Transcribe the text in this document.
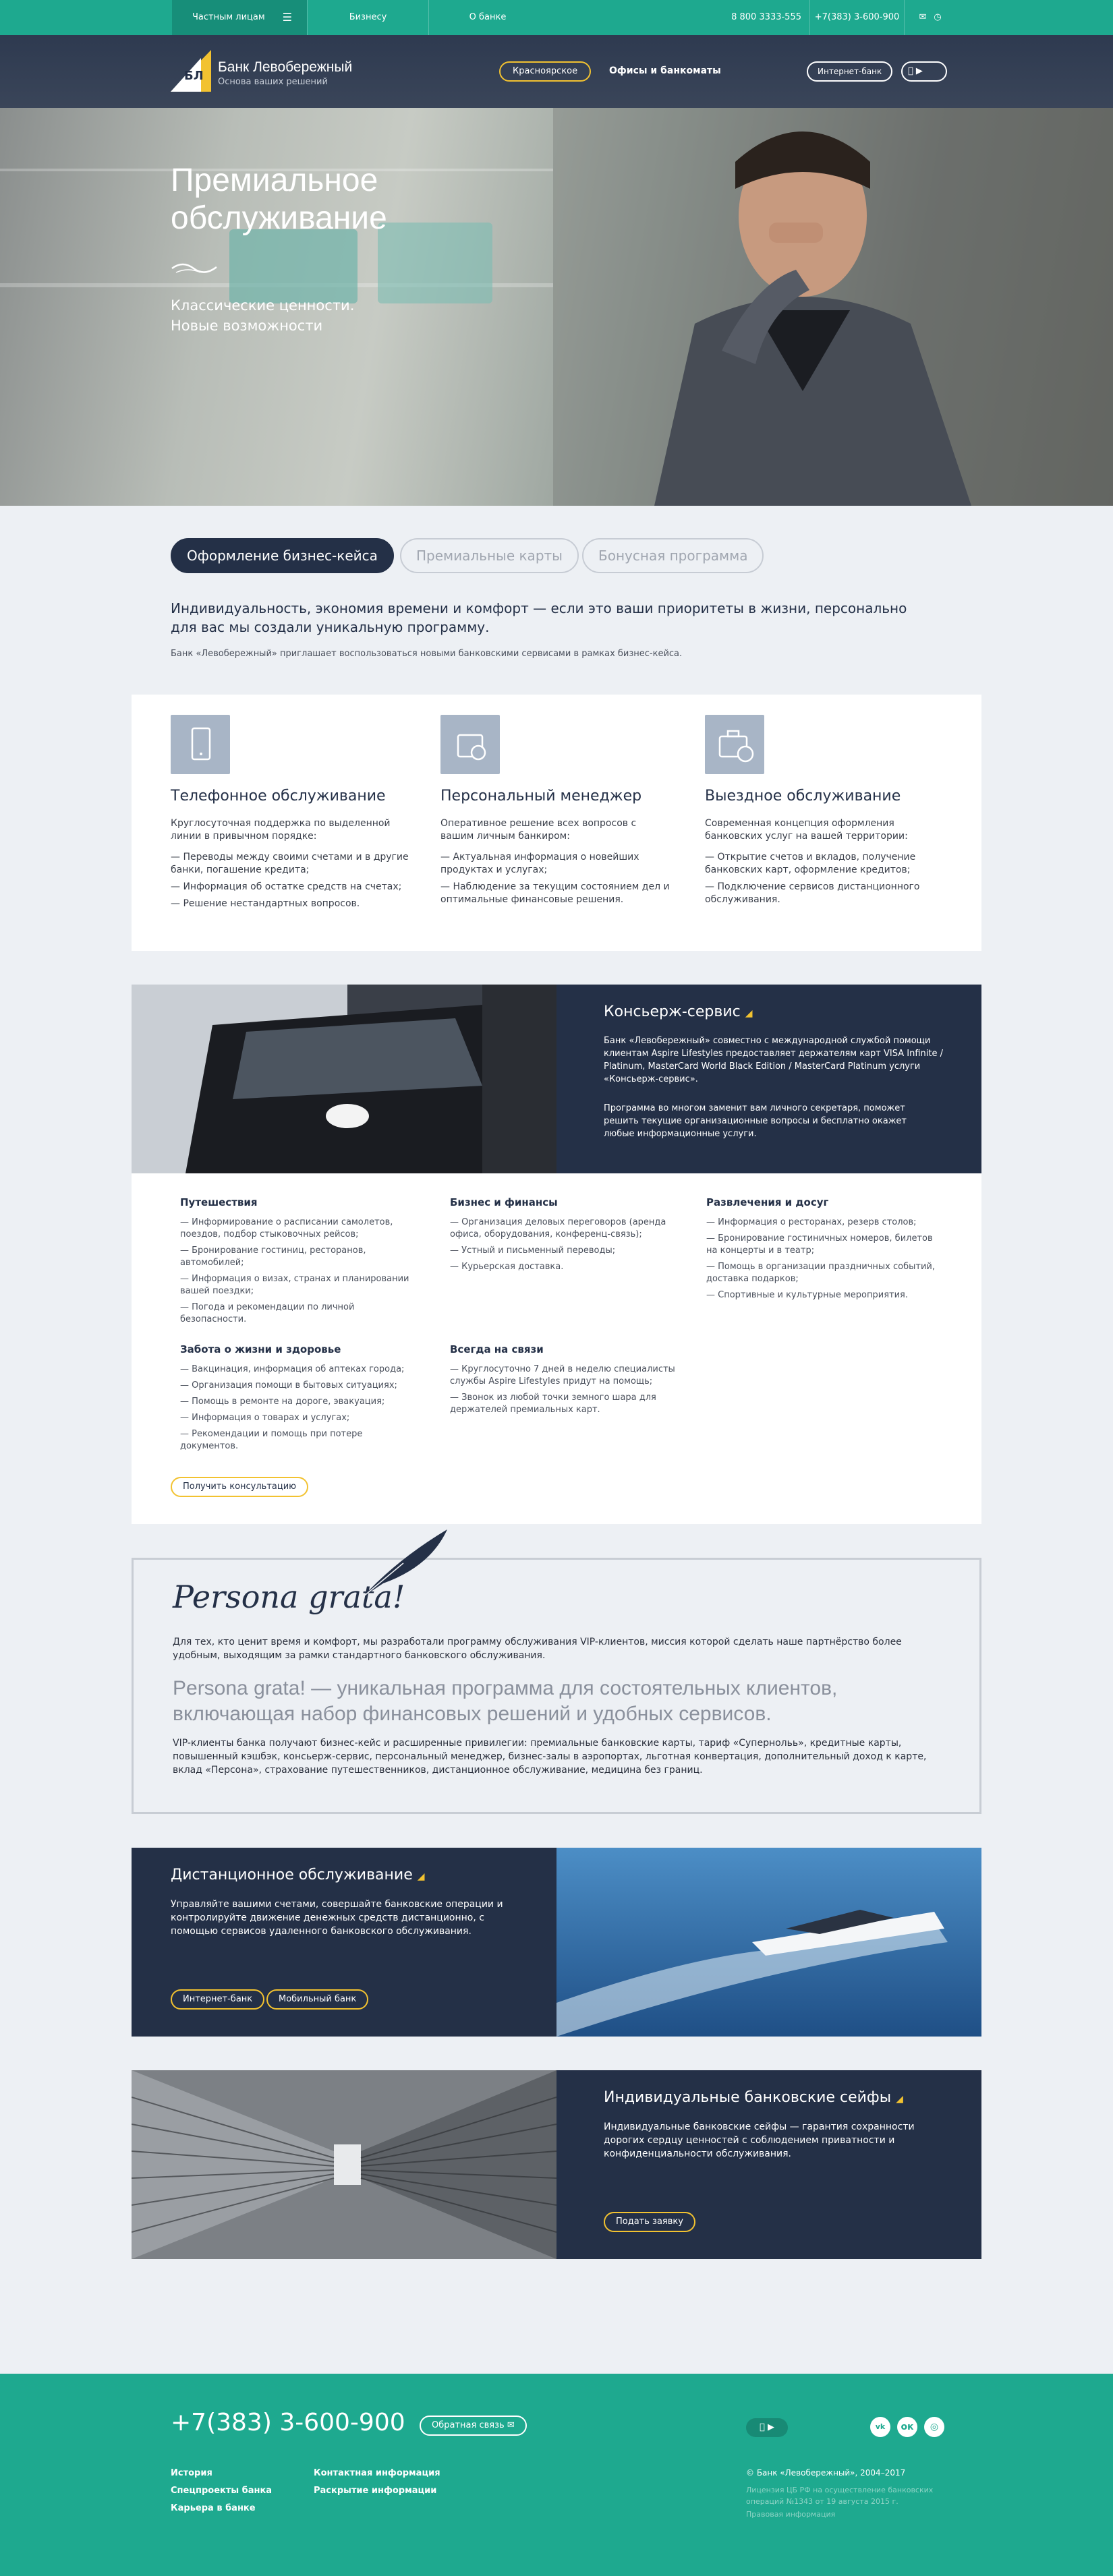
Частным лицам ☰	Бизнесу	О банке	8 800 3333-555	+7(383) 3-600-900	✉ ◷
БЛ
Банк Левобережный
Основа ваших решений
Красноярское	Офисы и банкоматы	Интернет-банк	▶
Премиальное
обслуживание
Классические ценности.
Новые возможности
Оформление бизнес-кейса	Премиальные карты	Бонусная программа
Индивидуальность, экономия времени и комфорт — если это ваши приоритеты в жизни, персонально для вас мы создали уникальную программу.
Банк «Левобережный» приглашает воспользоваться новыми банковскими сервисами в рамках бизнес-кейса.
Телефонное обслуживание
Круглосуточная поддержка по выделенной линии в привычном порядке:
— Переводы между своими счетами и в другие банки, погашение кредита;
— Информация об остатке средств на счетах;
— Решение нестандартных вопросов.
Персональный менеджер
Оперативное решение всех вопросов с вашим личным банкиром:
— Актуальная информация о новейших продуктах и услугах;
— Наблюдение за текущим состоянием дел и оптимальные финансовые решения.
Выездное обслуживание
Современная концепция оформления банковских услуг на вашей территории:
— Открытие счетов и вкладов, получение банковских карт, оформление кредитов;
— Подключение сервисов дистанционного обслуживания.
Консьерж-сервис ◢
Банк «Левобережный» совместно с международной службой помощи клиентам Aspire Lifestyles предоставляет держателям карт VISA Infinite / Platinum, MasterCard World Black Edition / MasterCard Platinum услуги «Консьерж-сервис».
Программа во многом заменит вам личного секретаря, поможет решить текущие организационные вопросы и бесплатно окажет любые информационные услуги.
Путешествия
— Информирование о расписании самолетов, поездов, подбор стыковочных рейсов;
— Бронирование гостиниц, ресторанов, автомобилей;
— Информация о визах, странах и планировании вашей поездки;
— Погода и рекомендации по личной безопасности.
Бизнес и финансы
— Организация деловых переговоров (аренда офиса, оборудования, конференц-связь);
— Устный и письменный переводы;
— Курьерская доставка.
Развлечения и досуг
— Информация о ресторанах, резерв столов;
— Бронирование гостиничных номеров, билетов на концерты и в театр;
— Помощь в организации праздничных событий, доставка подарков;
— Спортивные и культурные мероприятия.
Забота о жизни и здоровье
— Вакцинация, информация об аптеках города;
— Организация помощи в бытовых ситуациях;
— Помощь в ремонте на дороге, эвакуация;
— Информация о товарах и услугах;
— Рекомендации и помощь при потере документов.
Всегда на связи
— Круглосуточно 7 дней в неделю специалисты службы Aspire Lifestyles придут на помощь;
— Звонок из любой точки земного шара для держателей премиальных карт.
Получить консультацию
Persona grata!
Для тех, кто ценит время и комфорт, мы разработали программу обслуживания VIP-клиентов, миссия которой сделать наше партнёрство более удобным, выходящим за рамки стандартного банковского обслуживания.
Persona grata! — уникальная программа для состоятельных клиентов, включающая набор финансовых решений и удобных сервисов.
VIP-клиенты банка получают бизнес-кейс и расширенные привилегии: премиальные банковские карты, тариф «Супернольь», кредитные карты, повышенный кэшбэк, консьерж-сервис, персональный менеджер, бизнес-залы в аэропортах, льготная конвертация, дополнительный доход к карте, вклад «Персона», страхование путешественников, дистанционное обслуживание, медицина без границ.
Дистанционное обслуживание ◢
Управляйте вашими счетами, совершайте банковские операции и контролируйте движение денежных средств дистанционно, с помощью сервисов удаленного банковского обслуживания.
Интернет-банк	Мобильный банк
Индивидуальные банковские сейфы ◢
Индивидуальные банковские сейфы — гарантия сохранности дорогих сердцу ценностей с соблюдением приватности и конфиденциальности обслуживания.
Подать заявку
+7(383) 3-600-900	Обратная связь ✉	▶	vk	ок	◎
История
Спецпроекты банка
Карьера в банке
Контактная информация
Раскрытие информации
© Банк «Левобережный», 2004–2017
Лицензия ЦБ РФ на осуществление банковских операций №1343 от 19 августа 2015 г.
Правовая информация
